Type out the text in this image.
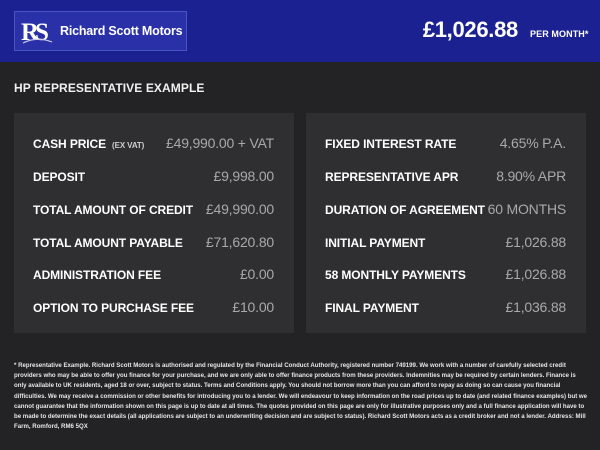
RS Richard Scott Motors	£1,026.88 PER MONTH*
HP REPRESENTATIVE EXAMPLE
CASH PRICE (EX VAT) £49,990.00 + VAT
DEPOSIT	£9,998.00
TOTAL AMOUNT OF CREDIT £49,990.00
TOTAL AMOUNT PAYABLE £71,620.80
ADMINISTRATION FEE	£0.00
OPTION TO PURCHASE FEE	£10.00
FIXED INTEREST RATE	4.65% P.A.
REPRESENTATIVE APR	8.90% APR
DURATION OF AGREEMENT 60 MONTHS
INITIAL PAYMENT	£1,026.88
58 MONTHLY PAYMENTS	£1,026.88
FINAL PAYMENT	£1,036.88

* Representative Example. Richard Scott Motors is authorised and regulated by the Financial Conduct Authority, registered number 749199. We work with a number of carefully selected credit providers who may be able to offer you finance for your purchase, and we are only able to offer finance products from these providers. Indemnities may be required by certain lenders. Finance is only available to UK residents, aged 18 or over, subject to status. Terms and Conditions apply. You should not borrow more than you can afford to repay as doing so can cause you financial difficulties. We may receive a commission or other benefits for introducing you to a lender. We will endeavour to keep information on the road prices up to date (and related finance examples) but we cannot guarantee that the information shown on this page is up to date at all times. The quotes provided on this page are only for illustrative purposes only and a full finance application will have to be made to determine the exact details (all applications are subject to an underwriting decision and are subject to status). Richard Scott Motors acts as a credit broker and not a lender. Address: Mill Farm, Romford, RM6 5QX
